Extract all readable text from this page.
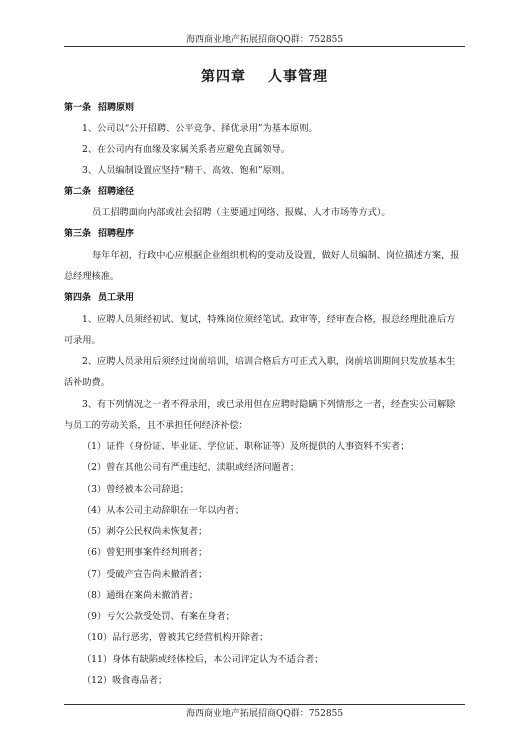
海西商业地产拓展招商QQ群：752855
第四章 人事管理
第一条 招聘原则
1、公司以“公开招聘、公平竞争、择优录用”为基本原则。
2、在公司内有血缘及家属关系者应避免直属领导。
3、人员编制设置应坚持“精干、高效、饱和”原则。
第二条 招聘途径
员工招聘面向内部或社会招聘（主要通过网络、报媒、人才市场等方式）。
第三条 招聘程序
每年年初，行政中心应根据企业组织机构的变动及设置，做好人员编制、岗位描述方案，报
总经理核准。
第四条 员工录用
1、应聘人员须经初试、复试，特殊岗位须经笔试、政审等，经审查合格，报总经理批准后方
可录用。
2、应聘人员录用后须经过岗前培训，培训合格后方可正式入职，岗前培训期间只发放基本生
活补助费。
3、有下列情况之一者不得录用，或已录用但在应聘时隐瞒下列情形之一者，经查实公司解除
与员工的劳动关系，且不承担任何经济补偿：
（1）证件（身份证、毕业证、学位证、职称证等）及所提供的人事资料不实者；
（2）曾在其他公司有严重违纪、渎职或经济问题者；
（3）曾经被本公司辞退；
（4）从本公司主动辞职在一年以内者；
（5）剥夺公民权尚未恢复者；
（6）曾犯刑事案件经判刑者；
（7）受破产宣告尚未撤消者；
（8）通缉在案尚未撤消者；
（9）亏欠公款受处罚、有案在身者；
（10）品行恶劣，曾被其它经营机构开除者；
（11）身体有缺陷或经体检后，本公司评定认为不适合者；
（12）吸食毒品者；
海西商业地产拓展招商QQ群：752855
